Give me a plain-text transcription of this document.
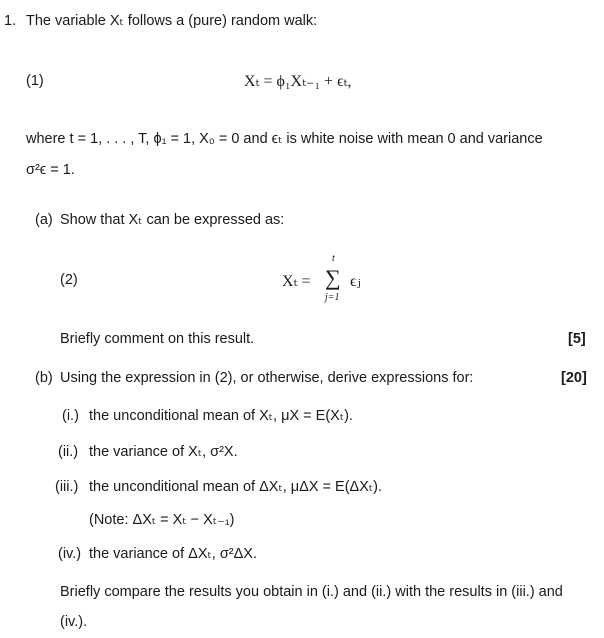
1. The variable Xₜ follows a (pure) random walk:
(1)	Xₜ = ϕ₁Xₜ₋₁ + ϵₜ,
where t = 1, . . . , T, ϕ₁ = 1, X₀ = 0 and ϵₜ is white noise with mean 0 and variance
σ²ϵ = 1.
(a) Show that Xₜ can be expressed as:
(2)	Xₜ = ∑
t
j=1
ϵⱼ
Briefly comment on this result.	[5]
(b) Using the expression in (2), or otherwise, derive expressions for:	[20]
(i.) the unconditional mean of Xₜ, μX = E(Xₜ).
(ii.) the variance of Xₜ, σ²X.
(iii.) the unconditional mean of ΔXₜ, μΔX = E(ΔXₜ).
(Note: ΔXₜ = Xₜ − Xₜ₋₁)
(iv.) the variance of ΔXₜ, σ²ΔX.
Briefly compare the results you obtain in (i.) and (ii.) with the results in (iii.) and
(iv.).
